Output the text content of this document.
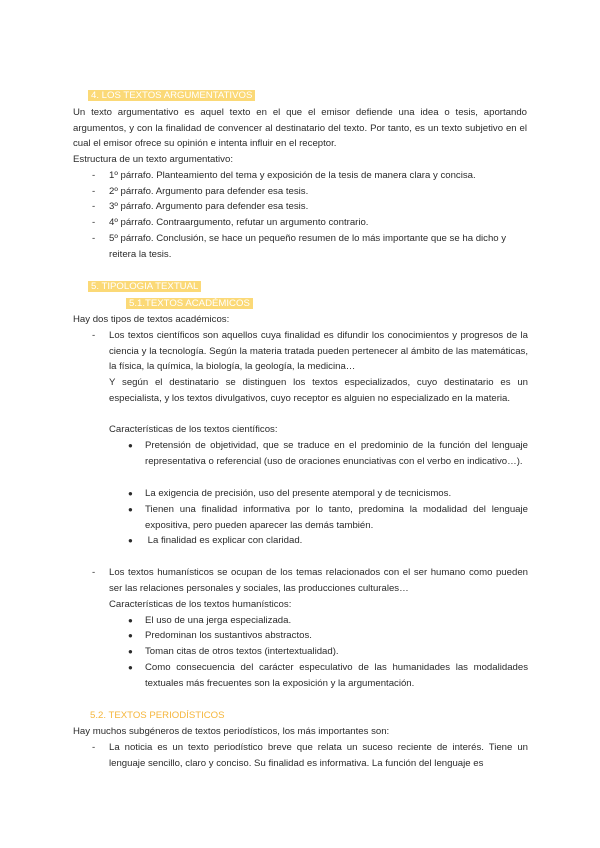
4. LOS TEXTOS ARGUMENTATIVOS

Un texto argumentativo es aquel texto en el que el emisor defiende una idea o tesis, aportando argumentos, y con la finalidad de convencer al destinatario del texto. Por tanto, es un texto subjetivo en el cual el emisor ofrece su opinión e intenta influir en el receptor.

Estructura de un texto argumentativo:

- 1º párrafo. Planteamiento del tema y exposición de la tesis de manera clara y concisa.
- 2º párrafo. Argumento para defender esa tesis.
- 3º párrafo. Argumento para defender esa tesis.
- 4º párrafo. Contraargumento, refutar un argumento contrario.
- 5º párrafo. Conclusión, se hace un pequeño resumen de lo más importante que se ha dicho y reitera la tesis.
5. TIPOLOGIA TEXTUAL
5.1.TEXTOS ACADÉMICOS

Hay dos tipos de textos académicos:

- Los textos científicos son aquellos cuya finalidad es difundir los conocimientos y progresos de la ciencia y la tecnología. Según la materia tratada pueden pertenecer al ámbito de las matemáticas, la física, la química, la biología, la geología, la medicina…

Y según el destinatario se distinguen los textos especializados, cuyo destinatario es un especialista, y los textos divulgativos, cuyo receptor es alguien no especializado en la materia.

Características de los textos científicos:

● Pretensión de objetividad, que se traduce en el predominio de la función del lenguaje representativa o referencial (uso de oraciones enunciativas con el verbo en indicativo…).

● La exigencia de precisión, uso del presente atemporal y de tecnicismos.

● Tienen una finalidad informativa por lo tanto, predomina la modalidad del lenguaje expositiva, pero pueden aparecer las demás también.

● La finalidad es explicar con claridad.

- Los textos humanísticos se ocupan de los temas relacionados con el ser humano como pueden ser las relaciones personales y sociales, las producciones culturales…

Características de los textos humanísticos:

● El uso de una jerga especializada.

● Predominan los sustantivos abstractos.

● Toman citas de otros textos (intertextualidad).

● Como consecuencia del carácter especulativo de las humanidades las modalidades textuales más frecuentes son la exposición y la argumentación.

5.2. TEXTOS PERIODÍSTICOS

Hay muchos subgéneros de textos periodísticos, los más importantes son:

- La noticia es un texto periodístico breve que relata un suceso reciente de interés. Tiene un lenguaje sencillo, claro y conciso. Su finalidad es informativa. La función del lenguaje es
